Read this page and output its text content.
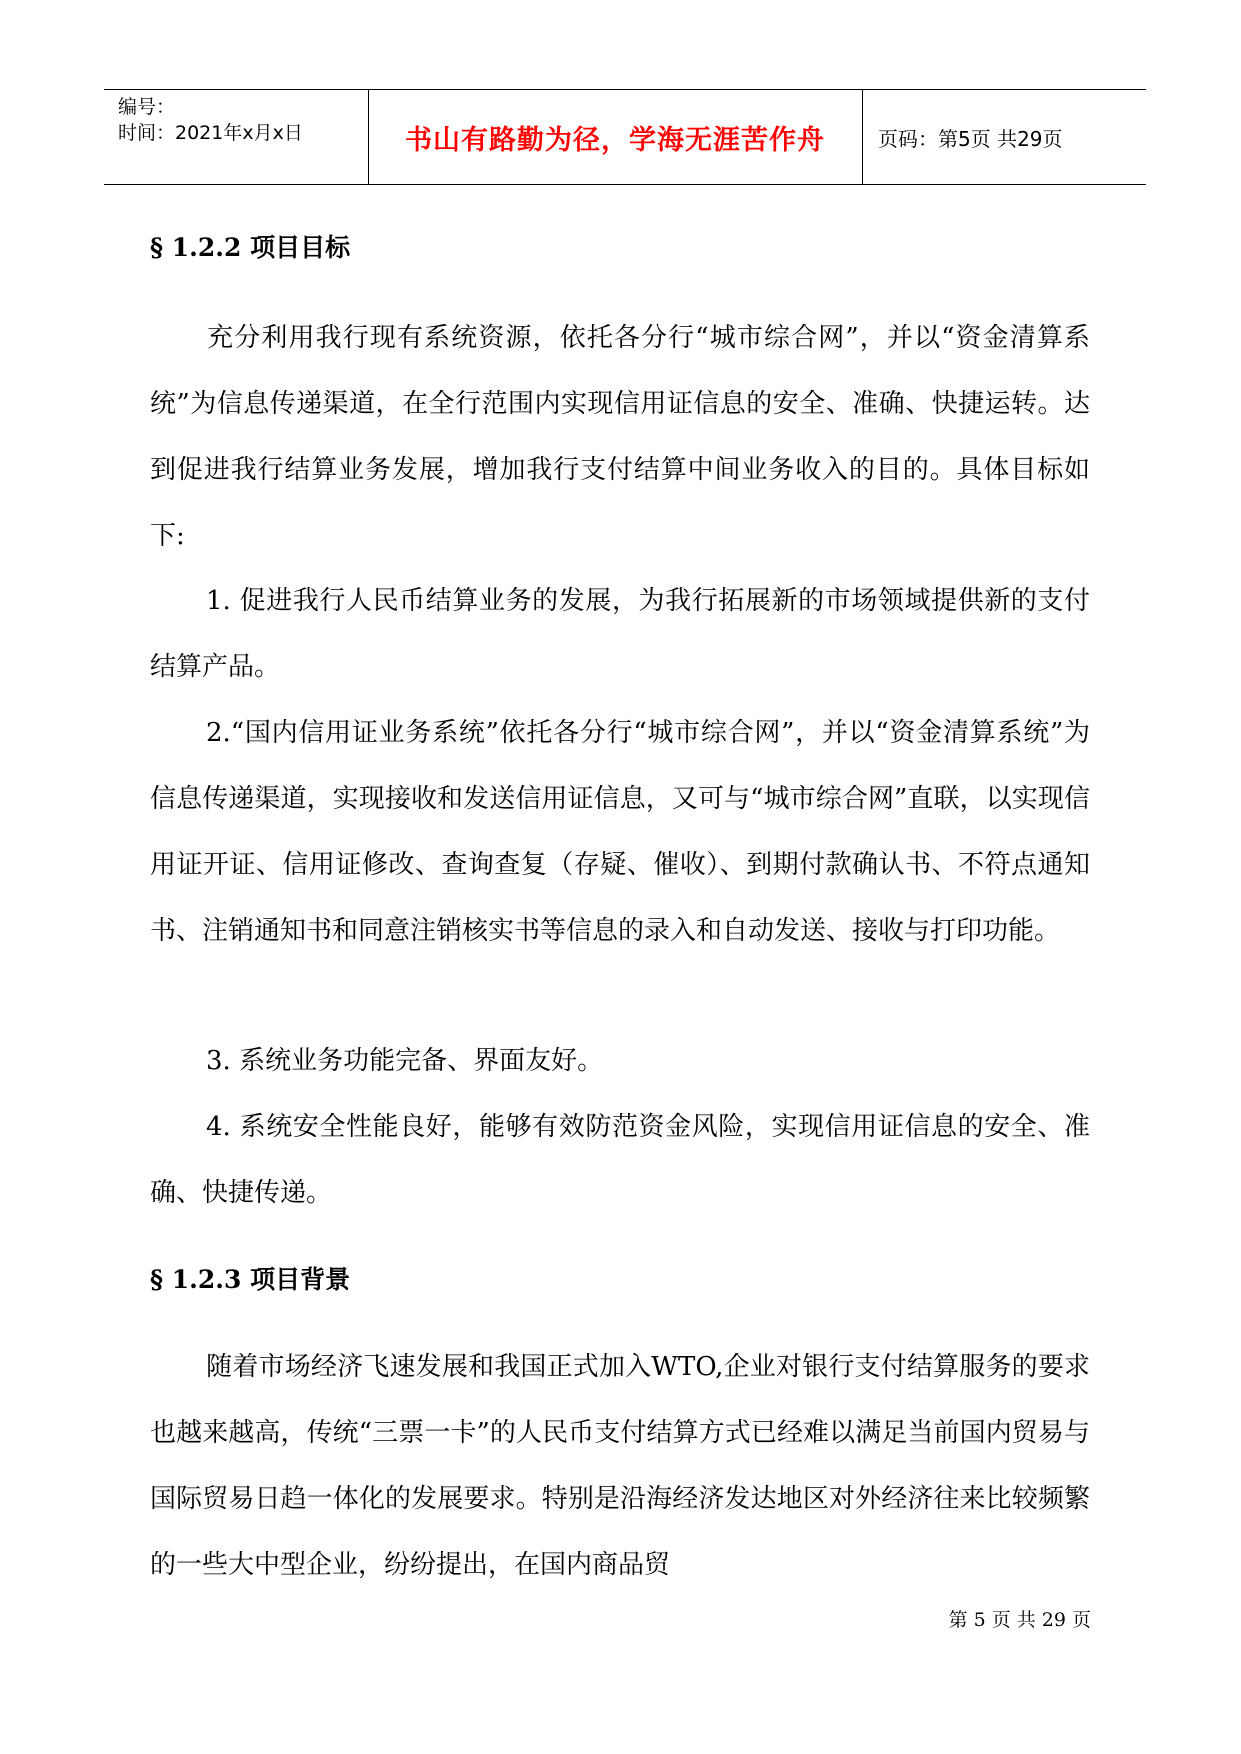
编号：
时间：2021年x月x日	书山有路勤为径，学海无涯苦作舟	页码：第5页 共29页
§ 1.2.2 项目目标
充分利用我行现有系统资源，依托各分行“城市综合网”，并以“资金清算系统”为信息传递渠道，在全行范围内实现信用证信息的安全、准确、快捷运转。达到促进我行结算业务发展，增加我行支付结算中间业务收入的目的。具体目标如下:
1. 促进我行人民币结算业务的发展，为我行拓展新的市场领域提供新的支付结算产品。
2.“国内信用证业务系统”依托各分行“城市综合网”，并以“资金清算系统”为信息传递渠道，实现接收和发送信用证信息，又可与“城市综合网”直联，以实现信用证开证、信用证修改、查询查复（存疑、催收）、到期付款确认书、不符点通知书、注销通知书和同意注销核实书等信息的录入和自动发送、接收与打印功能。
3. 系统业务功能完备、界面友好。
4. 系统安全性能良好，能够有效防范资金风险，实现信用证信息的安全、准确、快捷传递。
§ 1.2.3 项目背景
随着市场经济飞速发展和我国正式加入WTO,企业对银行支付结算服务的要求也越来越高，传统“三票一卡”的人民币支付结算方式已经难以满足当前国内贸易与国际贸易日趋一体化的发展要求。特别是沿海经济发达地区对外经济往来比较频繁的一些大中型企业，纷纷提出，在国内商品贸
第 5 页 共 29 页
